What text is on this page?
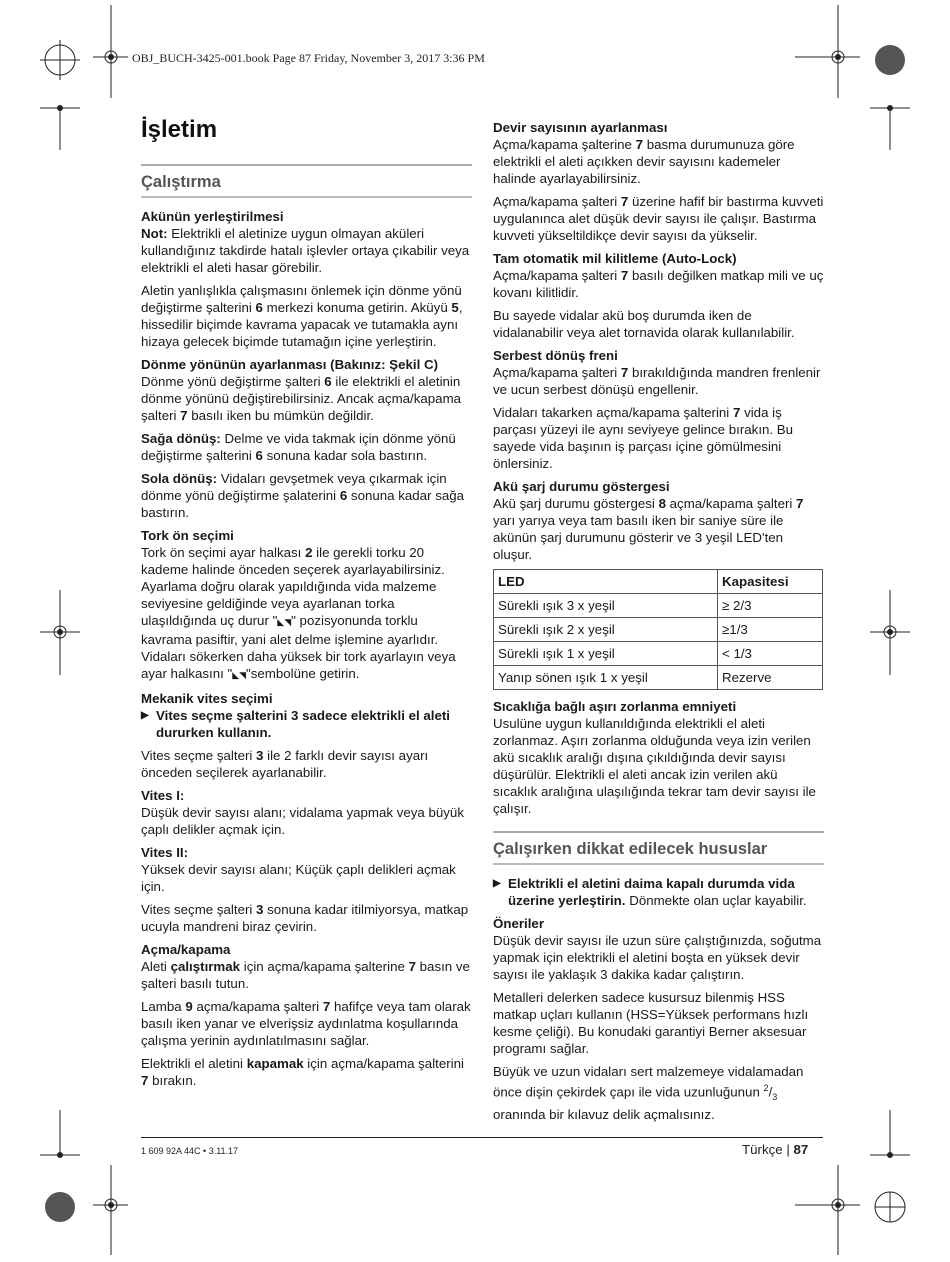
OBJ_BUCH-3425-001.book Page 87 Friday, November 3, 2017 3:36 PM
İşletim
Çalıştırma
Akünün yerleştirilmesi

Not: Elektrikli el aletinize uygun olmayan aküleri kullandığınız takdirde hatalı işlevler ortaya çıkabilir veya elektrikli el aleti hasar görebilir.

Aletin yanlışlıkla çalışmasını önlemek için dönme yönü değiştirme şalterini 6 merkezi konuma getirin. Aküyü 5, hissedilir biçimde kavrama yapacak ve tutamakla aynı hizaya gelecek biçimde tutamağın içine yerleştirin.

Dönme yönünün ayarlanması (Bakınız: Şekil C)

Dönme yönü değiştirme şalteri 6 ile elektrikli el aletinin dönme yönünü değiştirebilirsiniz. Ancak açma/kapama şalteri 7 basılı iken bu mümkün değildir.

Sağa dönüş: Delme ve vida takmak için dönme yönü değiştirme şalterini 6 sonuna kadar sola bastırın.

Sola dönüş: Vidaları gevşetmek veya çıkarmak için dönme yönü değiştirme şalaterini 6 sonuna kadar sağa bastırın.

Tork ön seçimi

Tork ön seçimi ayar halkası 2 ile gerekli torku 20 kademe halinde önceden seçerek ayarlayabilirsiniz. Ayarlama doğru olarak yapıldığında vida malzeme seviyesine geldiğinde veya ayarlanan torka ulaşıldığında uç durur "◣◥" pozisyonunda torklu kavrama pasiftir, yani alet delme işlemine ayarlıdır. Vidaları sökerken daha yüksek bir tork ayarlayın veya ayar halkasını "◣◥"sembolüne getirin.

Mekanik vites seçimi
▶ Vites seçme şalterini 3 sadece elektrikli el aleti dururken kullanın.

Vites seçme şalteri 3 ile 2 farklı devir sayısı ayarı önceden seçilerek ayarlanabilir.

Vites I:

Düşük devir sayısı alanı; vidalama yapmak veya büyük çaplı delikler açmak için.

Vites II:

Yüksek devir sayısı alanı; Küçük çaplı delikleri açmak için.

Vites seçme şalteri 3 sonuna kadar itilmiyorsya, matkap ucuyla mandreni biraz çevirin.

Açma/kapama

Aleti çalıştırmak için açma/kapama şalterine 7 basın ve şalteri basılı tutun.

Lamba 9 açma/kapama şalteri 7 hafifçe veya tam olarak basılı iken yanar ve elverişsiz aydınlatma koşullarında çalışma yerinin aydınlatılmasını sağlar.

Elektrikli el aletini kapamak için açma/kapama şalterini 7 bırakın.

Devir sayısının ayarlanması

Açma/kapama şalterine 7 basma durumunuza göre elektrikli el aleti açıkken devir sayısını kademeler halinde ayarlayabilirsiniz.

Açma/kapama şalteri 7 üzerine hafif bir bastırma kuvveti uygulanınca alet düşük devir sayısı ile çalışır. Bastırma kuvveti yükseltildikçe devir sayısı da yükselir.

Tam otomatik mil kilitleme (Auto-Lock)

Açma/kapama şalteri 7 basılı değilken matkap mili ve uç kovanı kilitlidir.

Bu sayede vidalar akü boş durumda iken de vidalanabilir veya alet tornavida olarak kullanılabilir.

Serbest dönüş freni

Açma/kapama şalteri 7 bırakıldığında mandren frenlenir ve ucun serbest dönüşü engellenir.

Vidaları takarken açma/kapama şalterini 7 vida iş parçası yüzeyi ile aynı seviyeye gelince bırakın. Bu sayede vida başının iş parçası içine gömülmesini önlersiniz.

Akü şarj durumu göstergesi

Akü şarj durumu göstergesi 8 açma/kapama şalteri 7 yarı yarıya veya tam basılı iken bir saniye süre ile akünün şarj durumunu gösterir ve 3 yeşil LED'ten oluşur.

LED	Kapasitesi
Sürekli ışık 3 x yeşil	≥ 2/3
Sürekli ışık 2 x yeşil	≥1/3
Sürekli ışık 1 x yeşil	< 1/3
Yanıp sönen ışık 1 x yeşil	Rezerve
Sıcaklığa bağlı aşırı zorlanma emniyeti

Usulüne uygun kullanıldığında elektrikli el aleti zorlanmaz. Aşırı zorlanma olduğunda veya izin verilen akü sıcaklık aralığı dışına çıkıldığında devir sayısı düşürülür. Elektrikli el aleti ancak izin verilen akü sıcaklık aralığına ulaşılığında tekrar tam devir sayısı ile çalışır.

Çalışırken dikkat edilecek hususlar
▶ Elektrikli el aletini daima kapalı durumda vida üzerine yerleştirin. Dönmekte olan uçlar kayabilir.
Öneriler

Düşük devir sayısı ile uzun süre çalıştığınızda, soğutma yapmak için elektrikli el aletini boşta en yüksek devir sayısı ile yaklaşık 3 dakika kadar çalıştırın.

Metalleri delerken sadece kusursuz bilenmiş HSS matkap uçları kullanın (HSS=Yüksek performans hızlı kesme çeliği). Bu konudaki garantiyi Berner aksesuar programı sağlar.

Büyük ve uzun vidaları sert malzemeye vidalamadan önce dişin çekirdek çapı ile vida uzunluğunun $^2/_3$ oranında bir kılavuz delik açmalısınız.

1 609 92A 44C • 3.11.17	Türkçe | 87
